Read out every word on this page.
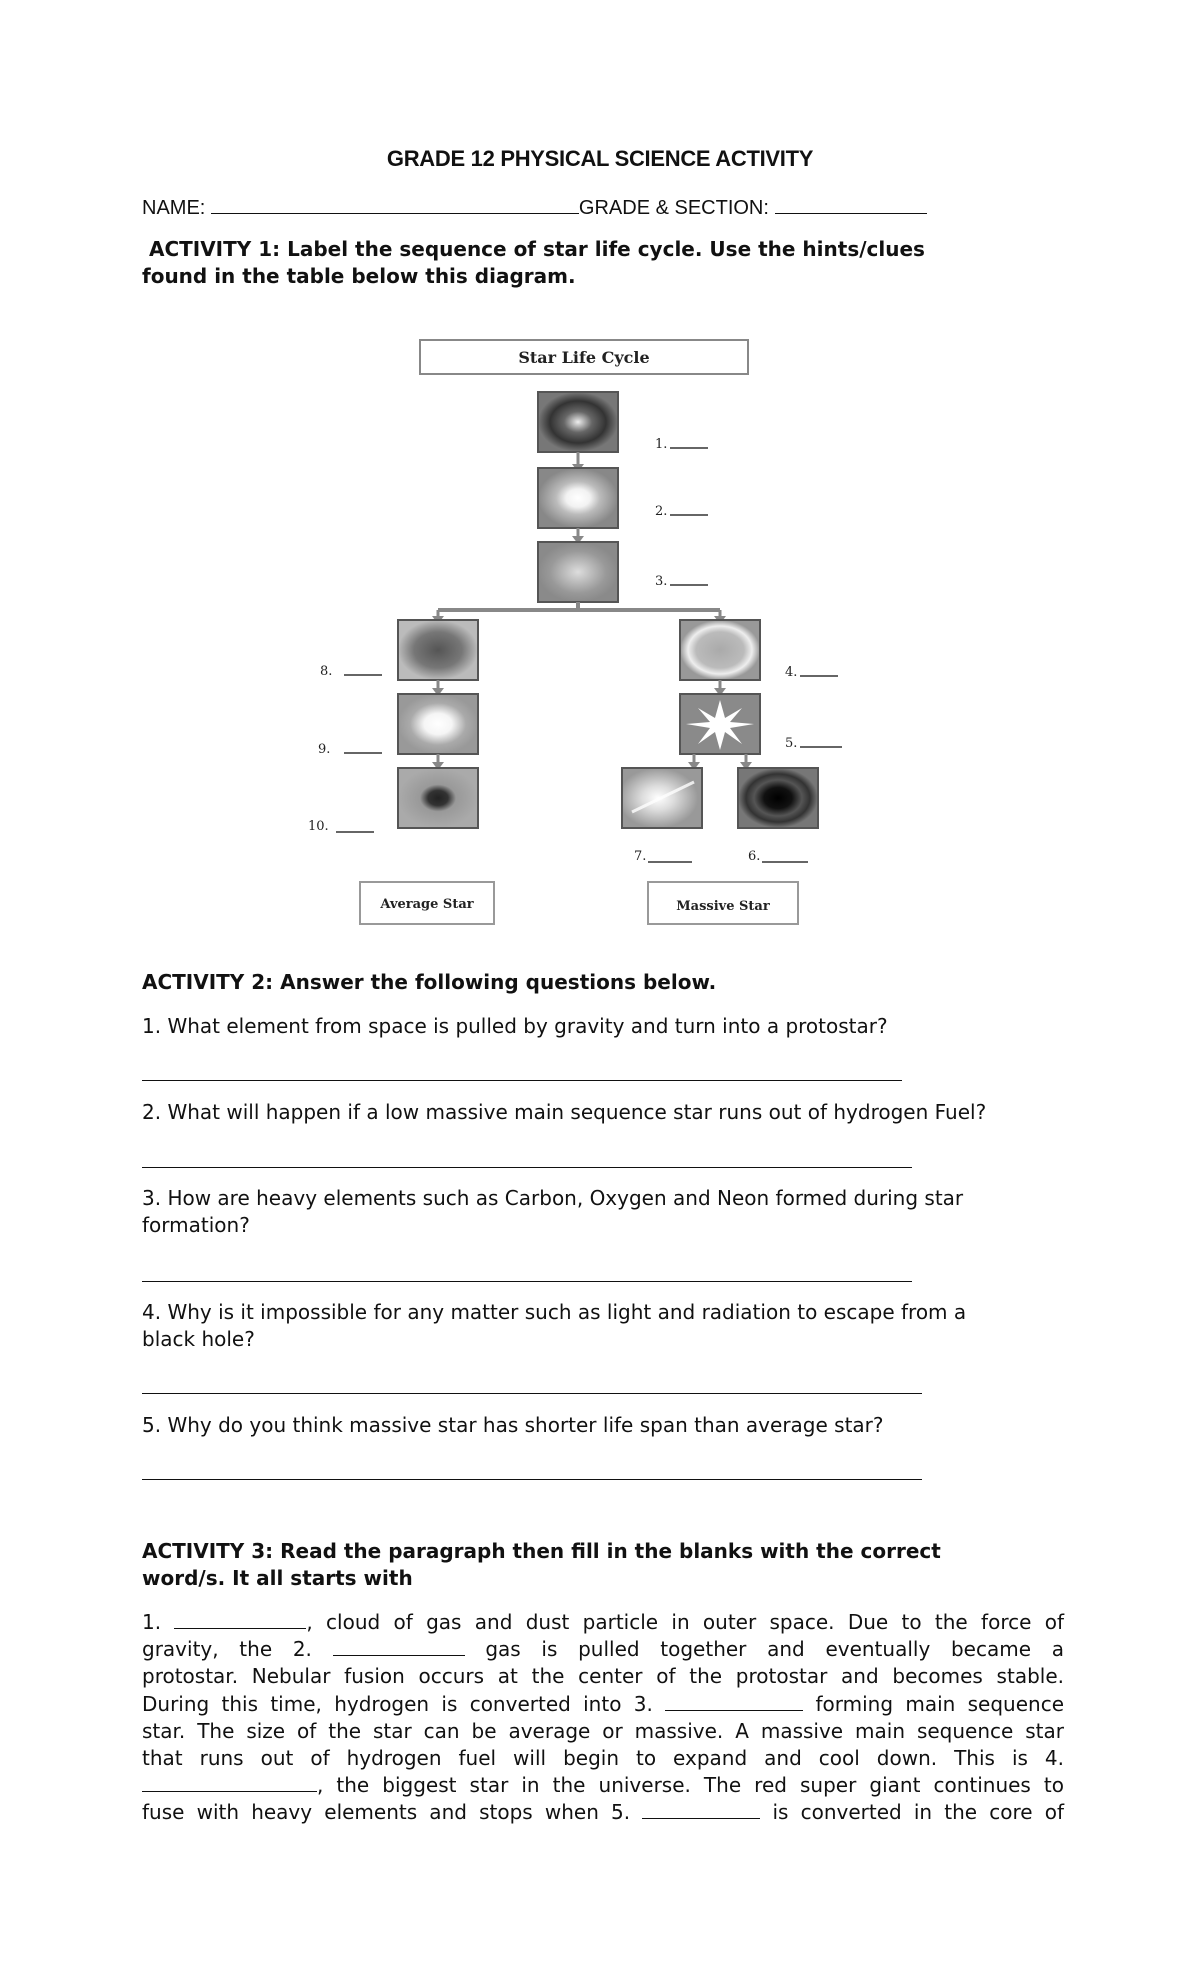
GRADE 12 PHYSICAL SCIENCE ACTIVITY
NAME:	GRADE & SECTION:
ACTIVITY 1: Label the sequence of star life cycle. Use the hints/clues
found in the table below this diagram.
Star Life Cycle
1.
2.
3.
4.
5.
6.
7.
8.
9.
10.
Average Star	Massive Star
ACTIVITY 2: Answer the following questions below.
1. What element from space is pulled by gravity and turn into a protostar?
2. What will happen if a low massive main sequence star runs out of hydrogen Fuel?
3. How are heavy elements such as Carbon, Oxygen and Neon formed during star
formation?
4. Why is it impossible for any matter such as light and radiation to escape from a
black hole?
5. Why do you think massive star has shorter life span than average star?
ACTIVITY 3: Read the paragraph then fill in the blanks with the correct
word/s. It all starts with
1.	, cloud of gas and dust particle in outer space. Due to the force of
gravity, the 2.	gas is pulled together and eventually became a
protostar. Nebular fusion occurs at the center of the protostar and becomes stable.
During this time, hydrogen is converted into 3.	forming main sequence
star. The size of the star can be average or massive. A massive main sequence star
that runs out of hydrogen fuel will begin to expand and cool down. This is 4.
, the biggest star in the universe. The red super giant continues to
fuse with heavy elements and stops when 5.	is converted in the core of
